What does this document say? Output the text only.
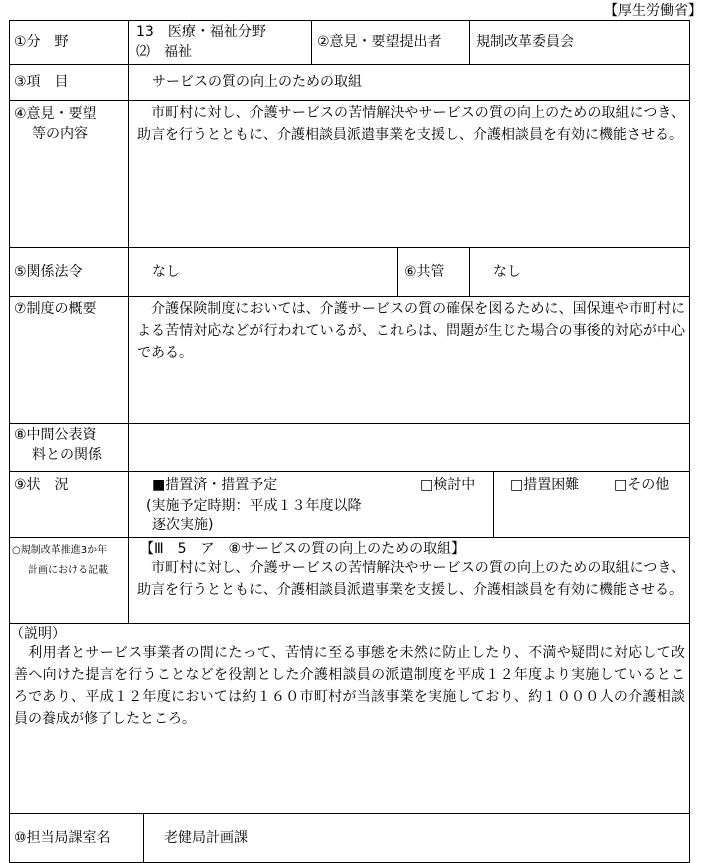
【厚生労働省】
①分　野
13　医療・福祉分野
⑵　福祉
②意見・要望提出者 規制改革委員会
③項　目	サービスの質の向上のための取組
④意見・要望
等の内容
　市町村に対し、介護サービスの苦情解決やサービスの質の向上のための取組につき、助言を行うとともに、介護相談員派遣事業を支援し、介護相談員を有効に機能させる。
⑤関係法令	なし	⑥共管	なし
⑦制度の概要	　介護保険制度においては、介護サービスの質の確保を図るために、国保連や市町村による苦情対応などが行われているが、これらは、問題が生じた場合の事後的対応が中心である。
⑧中間公表資
料との関係
⑨状　況	■措置済・措置予定
(実施予定時期：平成１３年度以降
逐次実施)
□検討中 □措置困難 □その他
○規制改革推進3か年
計画における記載
【Ⅲ　5　ア　⑧サービスの質の向上のための取組】
　市町村に対し、介護サービスの苦情解決やサービスの質の向上のための取組につき、助言を行うとともに、介護相談員派遣事業を支援し、介護相談員を有効に機能させる。
（説明）
　利用者とサービス事業者の間にたって、苦情に至る事態を未然に防止したり、不満や疑問に対応して改善へ向けた提言を行うことなどを役割とした介護相談員の派遣制度を平成１２年度より実施しているところであり、平成１２年度においては約１６０市町村が当該事業を実施しており、約１０００人の介護相談員の養成が修了したところ。
⑩担当局課室名	老健局計画課
